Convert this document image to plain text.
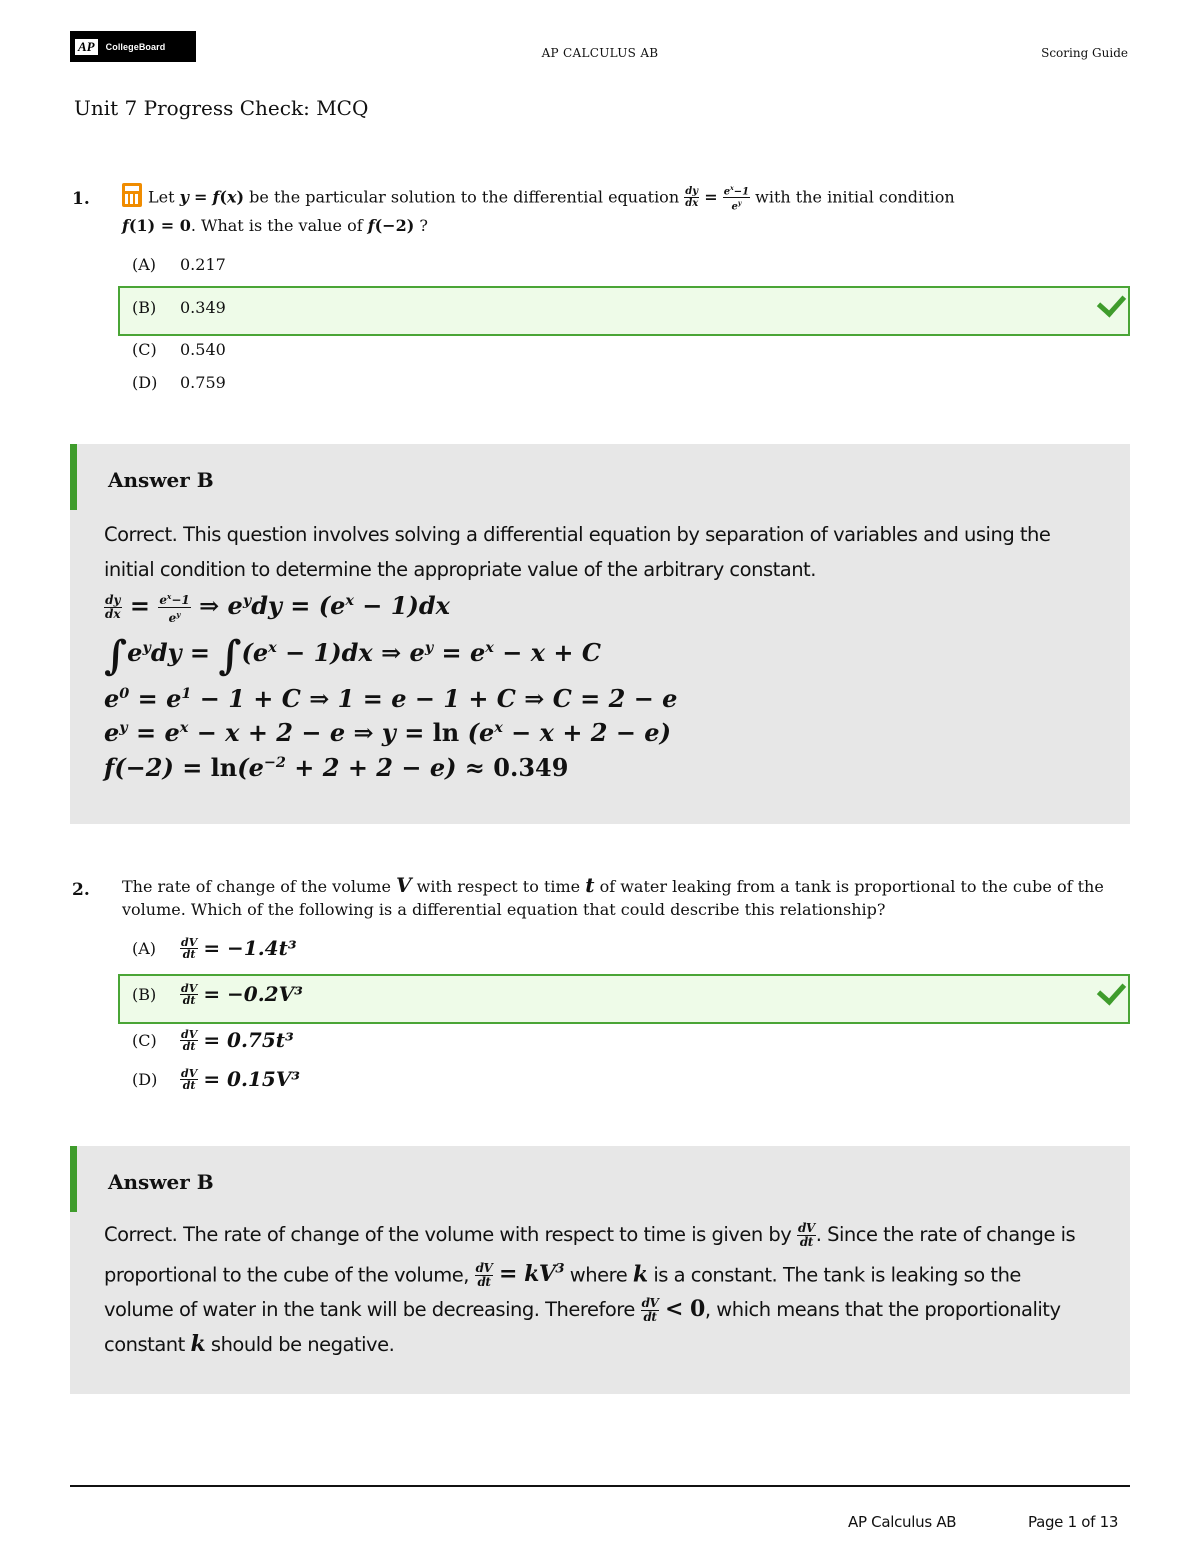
AP	CollegeBoard	AP CALCULUS AB	Scoring Guide
Unit 7 Progress Check: MCQ
1.	Let y = f(x) be the particular solution to the differential equation $\frac{dy}{dx} = \frac{e^x-1}{e^y}$ with the initial condition
f(1) = 0. What is the value of f(−2) ?
(A)	0.217
(B)	0.349
(C)	0.540
(D)	0.759
Answer B
Correct. This question involves solving a differential equation by separation of variables and using the initial condition to determine the appropriate value of the arbitrary constant.
$\frac{dy}{dx} = \frac{e^x-1}{e^y}$ ⇒ $e^ydy = (e^x - 1)dx$
$\int e^ydy = \int(e^x - 1)dx$ ⇒ $e^y = e^x - x + C$
$e^0 = e^1 - 1 + C$ ⇒ 1 = e − 1 + C ⇒ C = 2 − e
$e^y = e^x - x + 2 - e$ ⇒ $y = \ln (e^x - x + 2 - e)$
$f(-2) = \ln(e^{-2} + 2 + 2 - e) \approx 0.349$
2. The rate of change of the volume V with respect to time t of water leaking from a tank is proportional to the cube of the volume. Which of the following is a differential equation that could describe this relationship?
(A)	$\frac{dV}{dt}$
= −1.4t³
(B)	$\frac{dV}{dt}$
= −0.2V³
(C)	$\frac{dV}{dt}$
= 0.75t³
(D)	$\frac{dV}{dt}$
= 0.15V³
Answer B
Correct. The rate of change of the volume with respect to time is given by $\frac{dV}{dt}$ . Since the rate of change is proportional to the cube of the volume, $\frac{dV}{dt} = kV^3$ where k is a constant. The tank is leaking so the volume of water in the tank will be decreasing. Therefore $\frac{dV}{dt} < 0$, which means that the proportionality constant k should be negative.
AP Calculus AB	Page 1 of 13
